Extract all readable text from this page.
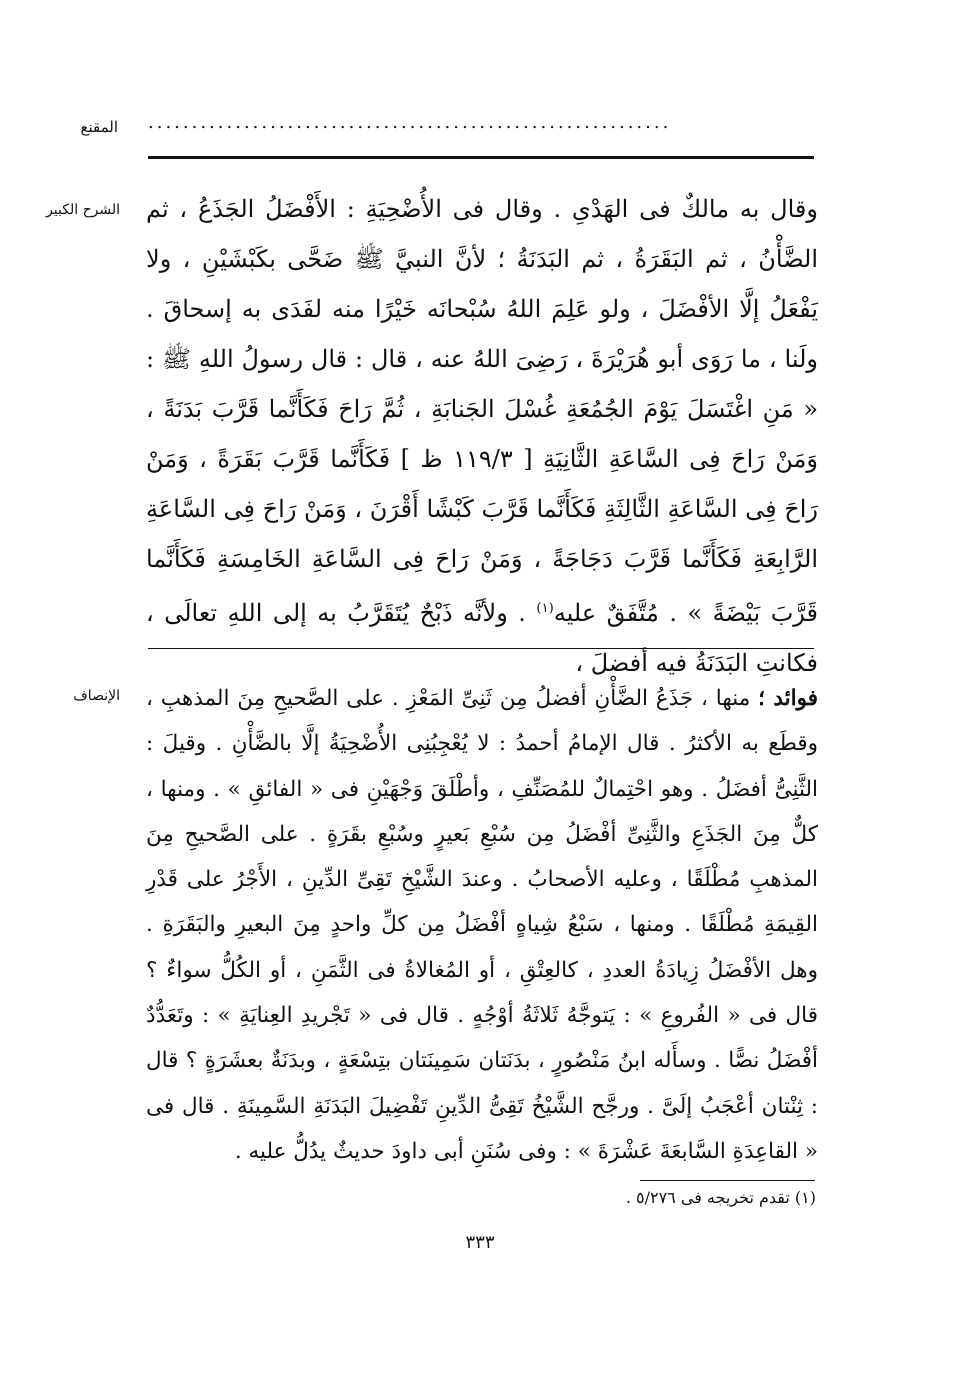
المقنع ............................................................
الشرح الكبير وقال به مالكٌ فى الهَدْىِ . وقال فى الأُضْحِيَةِ : الأَفْضَلُ الجَذَعُ ، ثم الضَّأْنُ ، ثم البَقَرَةُ ، ثم البَدَنَةُ ؛ لأنَّ النبيَّ ﷺ ضَحَّى بكَبْشَيْنِ ، ولا يَفْعَلُ إلَّا الأفْضَلَ ، ولو عَلِمَ اللهُ سُبْحانَه خَيْرًا منه لفَدَى به إسحاقَ . ولَنا ، ما رَوَى أبو هُرَيْرَةَ ، رَضِىَ اللهُ عنه ، قال : قال رسولُ اللهِ ﷺ : « مَنِ اغْتَسَلَ يَوْمَ الجُمُعَةِ غُسْلَ الجَنابَةِ ، ثُمَّ رَاحَ فَكَأَنَّما قَرَّبَ بَدَنَةً ، وَمَنْ رَاحَ فِى السَّاعَةِ الثَّانِيَةِ [ ١١٩/٣ ظ ] فَكَأَنَّما قَرَّبَ بَقَرَةً ، وَمَنْ رَاحَ فِى السَّاعَةِ الثَّالِثَةِ فَكَأَنَّما قَرَّبَ كَبْشًا أَقْرَنَ ، وَمَنْ رَاحَ فِى السَّاعَةِ الرَّابِعَةِ فَكَأَنَّما قَرَّبَ دَجَاجَةً ، وَمَنْ رَاحَ فِى السَّاعَةِ الخَامِسَةِ فَكَأَنَّما قَرَّبَ بَيْضَةً » . مُتَّفَقٌ عليه$^{(١)}$ . ولأنَّه ذَبْحٌ يُتَقَرَّبُ به إلى اللهِ تعالَى ، فكانتِ البَدَنَةُ فيه أفضلَ ،

الإنصاف	فوائد ؛ منها ، جَذَعُ الضَّأْنِ أفضلُ مِن ثَنِىِّ المَعْزِ . على الصَّحيحِ مِنَ المذهبِ ، وقطَع به الأكثرُ . قال الإمامُ أحمدُ : لا يُعْجِبُنِى الأُضْحِيَةُ إلَّا بالضَّأْنِ . وقيلَ : الثَّنِىُّ أفضَلُ . وهو احْتِمالٌ للمُصَنِّفِ ، وأطْلَقَ وَجْهَيْنِ فى « الفائقِ » . ومنها ، كلٌّ مِنَ الجَذَعِ والثَّنِىِّ أفْضَلُ مِن سُبْعِ بَعيرٍ وسُبْعِ بقَرَةٍ . على الصَّحيحِ مِنَ المذهبِ مُطْلَقًا ، وعليه الأصحابُ . وعندَ الشَّيْخِ تَقِىِّ الدِّينِ ، الأَجْرُ على قَدْرِ القِيمَةِ مُطْلَقًا . ومنها ، سَبْعُ شِياهٍ أفْضَلُ مِن كلِّ واحدٍ مِنَ البعيرِ والبَقَرَةِ . وهل الأفْضَلُ زِيادَةُ العددِ ، كالعِتْقِ ، أو المُغالاةُ فى الثَّمَنِ ، أو الكُلُّ سواءٌ ؟ قال فى « الفُروعِ » : يَتوجَّهُ ثَلاثَةُ أوْجُهٍ . قال فى « تَجْريدِ العِنايَةِ » : وتَعَدُّدٌ أفْضَلُ نصًّا . وسأَله ابنُ مَنْصُورٍ ، بدَنَتان سَمِينَتان بتِسْعَةٍ ، وبدَنَةٌ بعشَرَةٍ ؟ قال : ثِنْتان أعْجَبُ إلَىَّ . ورجَّح الشَّيْخُ تَقِىُّ الدِّينِ تَفْضِيلَ البَدَنَةِ السَّمِينَةِ . قال فى « القاعِدَةِ السَّابعَةَ عَشْرَةَ » : وفى سُنَنِ أبى داودَ حديثٌ يدُلُّ عليه .

(١) تقدم تخريجه فى ٥/٢٧٦ .
٣٣٣
